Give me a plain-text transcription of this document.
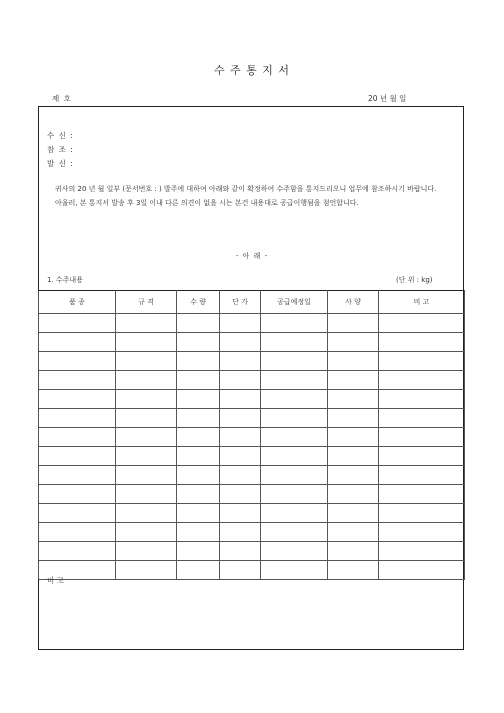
수 주 통 지 서
제 호	20 년 월 일
수 신 :
참 조 :
발 신 :

귀사의 20 년 월 일부 (문서번호 : ) 발주에 대하여 아래와 같이 확정하여 수주함을 통지드리오니 업무에 참조하시기 바랍니다.

아울러, 본 통지서 발송 후 3일 이내 다른 의견이 없을 시는 본건 내용대로 공급이행됨을 첨언합니다.

- 아 래 -
1. 수주내용	(단 위 : kg)
품 종	규 격	수 량	단 가	공급예정일	사 양	비 고

비 고
